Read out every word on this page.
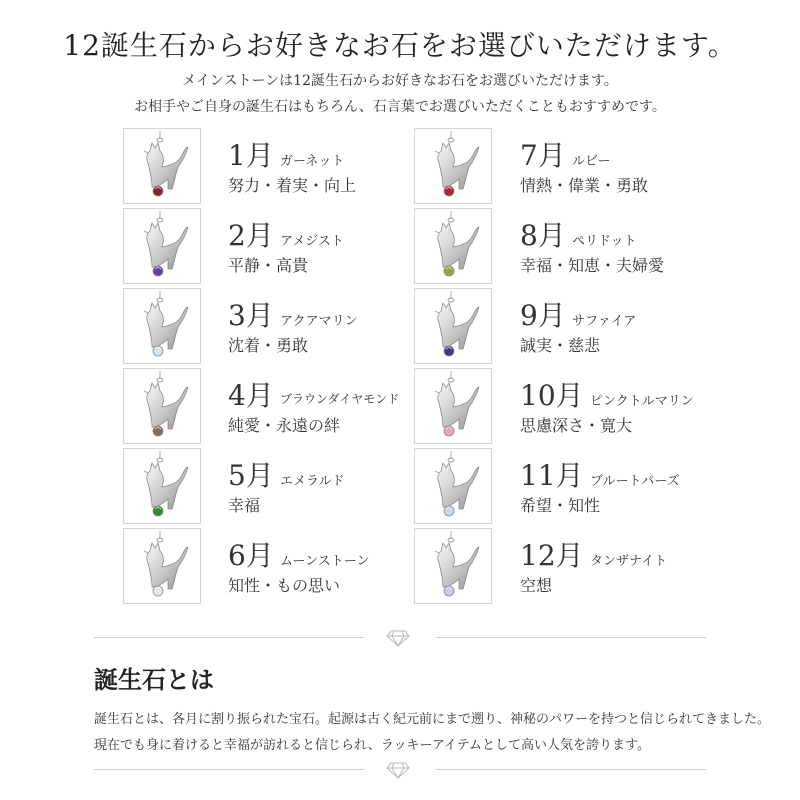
12誕生石からお好きなお石をお選びいただけます。
メインストーンは12誕生石からお好きなお石をお選びいただけます。
お相手やご自身の誕生石はもちろん、石言葉でお選びいただくこともおすすめです。
1月 ガーネット
努力・着実・向上
2月 アメジスト
平静・高貴
3月 アクアマリン
沈着・勇敢
4月 ブラウンダイヤモンド
純愛・永遠の絆
5月 エメラルド
幸福
6月 ムーンストーン
知性・もの思い
7月 ルビー
情熱・偉業・勇敢
8月 ペリドット
幸福・知恵・夫婦愛
9月 サファイア
誠実・慈悲
10月 ピンクトルマリン
思慮深さ・寛大
11月 ブルートパーズ
希望・知性
12月 タンザナイト
空想
誕生石とは
誕生石とは、各月に割り振られた宝石。起源は古く紀元前にまで遡り、神秘のパワーを持つと信じられてきました。
現在でも身に着けると幸福が訪れると信じられ、ラッキーアイテムとして高い人気を誇ります。
